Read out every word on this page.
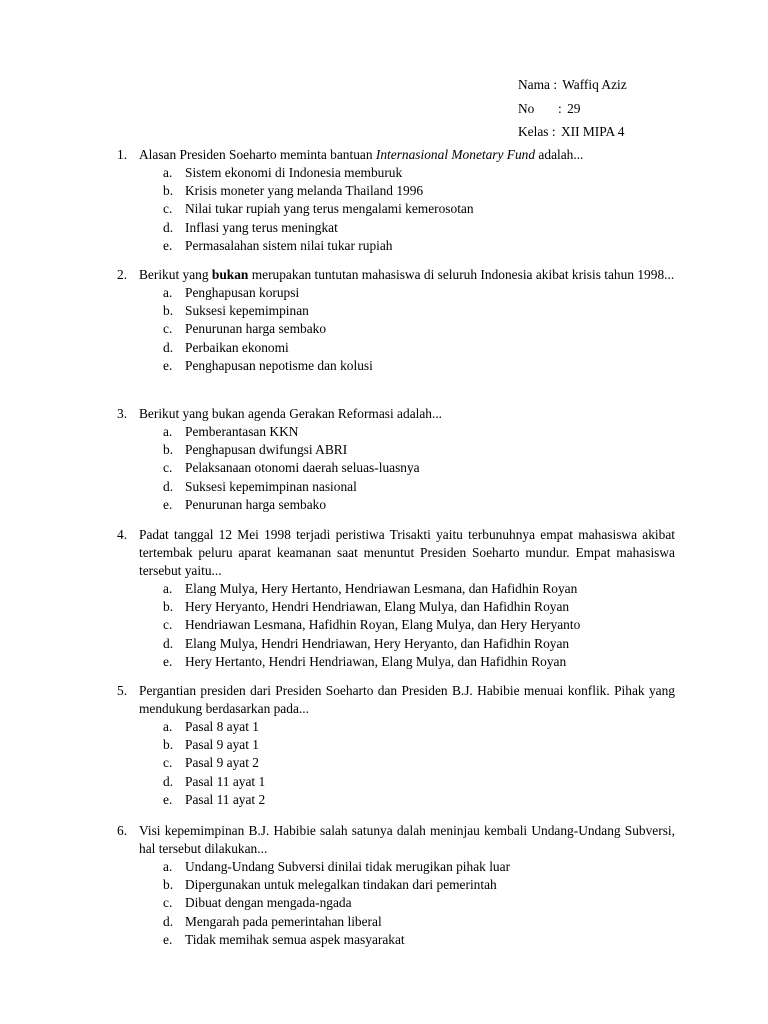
Nama : Waffiq Aziz
No : 29
Kelas : XII MIPA 4
1. Alasan Presiden Soeharto meminta bantuan Internasional Monetary Fund adalah...
a. Sistem ekonomi di Indonesia memburuk
b. Krisis moneter yang melanda Thailand 1996
c. Nilai tukar rupiah yang terus mengalami kemerosotan
d. Inflasi yang terus meningkat
e. Permasalahan sistem nilai tukar rupiah
2. Berikut yang bukan merupakan tuntutan mahasiswa di seluruh Indonesia akibat krisis tahun 1998...
a. Penghapusan korupsi
b. Suksesi kepemimpinan
c. Penurunan harga sembako
d. Perbaikan ekonomi
e. Penghapusan nepotisme dan kolusi
3. Berikut yang bukan agenda Gerakan Reformasi adalah...
a. Pemberantasan KKN
b. Penghapusan dwifungsi ABRI
c. Pelaksanaan otonomi daerah seluas-luasnya
d. Suksesi kepemimpinan nasional
e. Penurunan harga sembako
4. Padat tanggal 12 Mei 1998 terjadi peristiwa Trisakti yaitu terbunuhnya empat mahasiswa akibat tertembak peluru aparat keamanan saat menuntut Presiden Soeharto mundur. Empat mahasiswa tersebut yaitu...
a. Elang Mulya, Hery Hertanto, Hendriawan Lesmana, dan Hafidhin Royan
b. Hery Heryanto, Hendri Hendriawan, Elang Mulya, dan Hafidhin Royan
c. Hendriawan Lesmana, Hafidhin Royan, Elang Mulya, dan Hery Heryanto
d. Elang Mulya, Hendri Hendriawan, Hery Heryanto, dan Hafidhin Royan
e. Hery Hertanto, Hendri Hendriawan, Elang Mulya, dan Hafidhin Royan
5. Pergantian presiden dari Presiden Soeharto dan Presiden B.J. Habibie menuai konflik. Pihak yang mendukung berdasarkan pada...
a. Pasal 8 ayat 1
b. Pasal 9 ayat 1
c. Pasal 9 ayat 2
d. Pasal 11 ayat 1
e. Pasal 11 ayat 2
6. Visi kepemimpinan B.J. Habibie salah satunya dalah meninjau kembali Undang-Undang Subversi, hal tersebut dilakukan...
a. Undang-Undang Subversi dinilai tidak merugikan pihak luar
b. Dipergunakan untuk melegalkan tindakan dari pemerintah
c. Dibuat dengan mengada-ngada
d. Mengarah pada pemerintahan liberal
e. Tidak memihak semua aspek masyarakat
